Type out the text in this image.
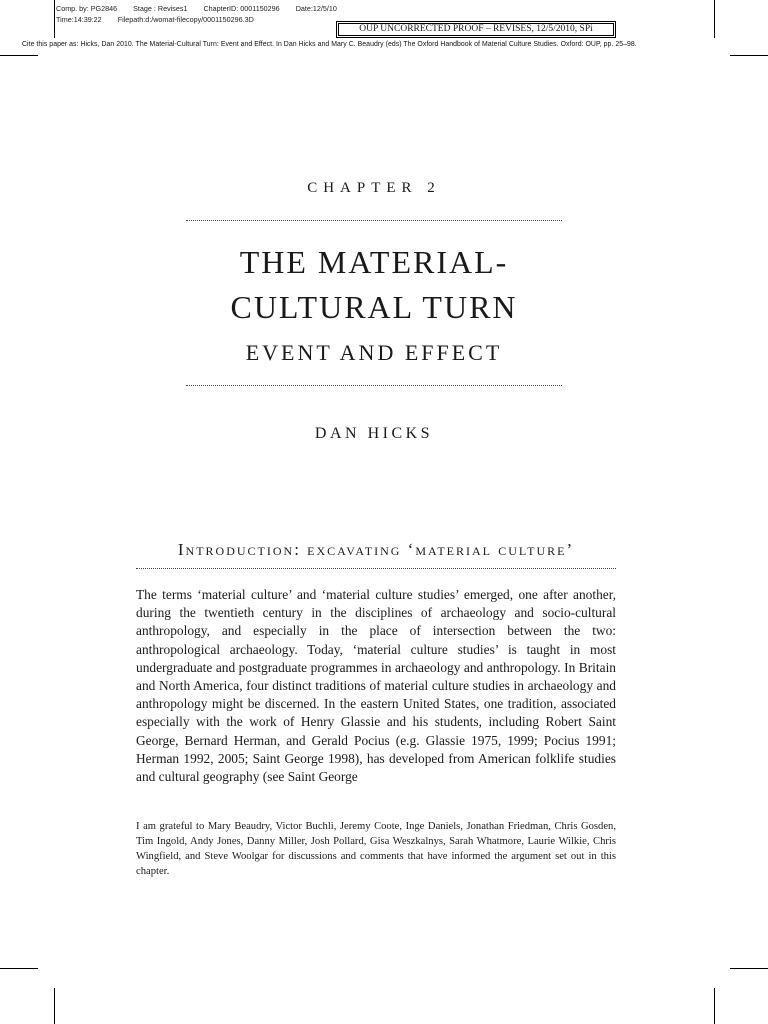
Comp. by: PG2846 Stage : Revises1 ChapterID: 0001150296 Date:12/5/10
Time:14:39:22 Filepath:d:/womat-filecopy/0001150296.3D
OUP UNCORRECTED PROOF – REVISES, 12/5/2010, SPi
Cite this paper as: Hicks, Dan 2010. The Material-Cultural Turn: Event and Effect. In Dan Hicks and Mary C. Beaudry (eds) The Oxford Handbook of Material Culture Studies. Oxford: OUP, pp. 25–98.
CHAPTER 2
THE MATERIAL-CULTURAL TURN
EVENT AND EFFECT
DAN HICKS
Introduction: excavating ‘material culture’

The terms ‘material culture’ and ‘material culture studies’ emerged, one after another, during the twentieth century in the disciplines of archaeology and socio-cultural anthropology, and especially in the place of intersection between the two: anthropological archaeology. Today, ‘material culture studies’ is taught in most undergraduate and postgraduate programmes in archaeology and anthropology. In Britain and North America, four distinct traditions of material culture studies in archaeology and anthropology might be discerned. In the eastern United States, one tradition, associated especially with the work of Henry Glassie and his students, including Robert Saint George, Bernard Herman, and Gerald Pocius (e.g. Glassie 1975, 1999; Pocius 1991; Herman 1992, 2005; Saint George 1998), has developed from American folklife studies and cultural geography (see Saint George

I am grateful to Mary Beaudry, Victor Buchli, Jeremy Coote, Inge Daniels, Jonathan Friedman, Chris Gosden, Tim Ingold, Andy Jones, Danny Miller, Josh Pollard, Gisa Weszkalnys, Sarah Whatmore, Laurie Wilkie, Chris Wingfield, and Steve Woolgar for discussions and comments that have informed the argument set out in this chapter.
